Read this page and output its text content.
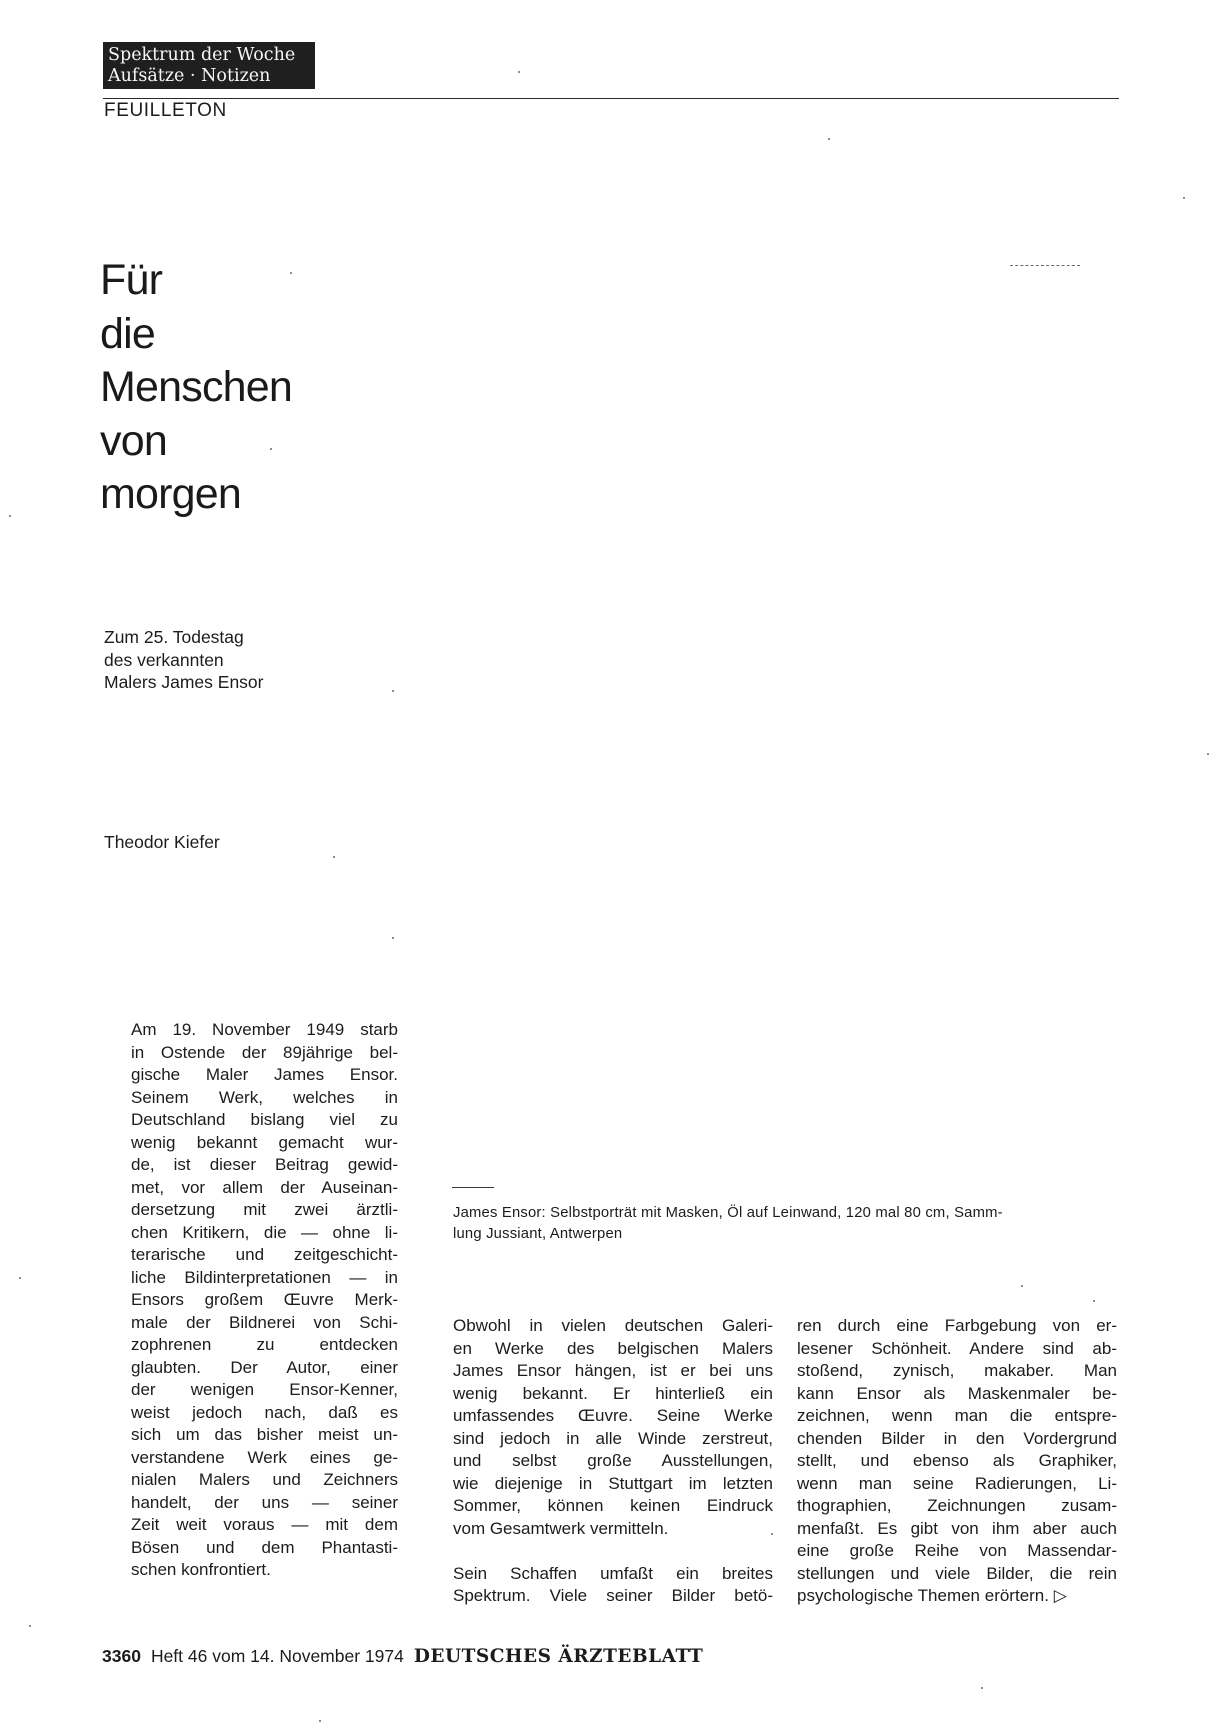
Spektrum der Woche
Aufsätze · Notizen
FEUILLETON
Für
die
Menschen
von
morgen
Zum 25. Todestag
des verkannten
Malers James Ensor
Theodor Kiefer
Am 19. November 1949 starb
in Ostende der 89jährige bel-
gische Maler James Ensor.
Seinem Werk, welches in
Deutschland bislang viel zu
wenig bekannt gemacht wur-
de, ist dieser Beitrag gewid-
met, vor allem der Auseinan-
dersetzung mit zwei ärztli-
chen Kritikern, die — ohne li-
terarische und zeitgeschicht-
liche Bildinterpretationen — in
Ensors großem Œuvre Merk-
male der Bildnerei von Schi-
zophrenen zu entdecken
glaubten. Der Autor, einer
der wenigen Ensor-Kenner,
weist jedoch nach, daß es
sich um das bisher meist un-
verstandene Werk eines ge-
nialen Malers und Zeichners
handelt, der uns — seiner
Zeit weit voraus — mit dem
Bösen und dem Phantasti-
schen konfrontiert.
James Ensor: Selbstporträt mit Masken, Öl auf Leinwand, 120 mal 80 cm, Samm-
lung Jussiant, Antwerpen
Obwohl in vielen deutschen Galeri-
en Werke des belgischen Malers
James Ensor hängen, ist er bei uns
wenig bekannt. Er hinterließ ein
umfassendes Œuvre. Seine Werke
sind jedoch in alle Winde zerstreut,
und selbst große Ausstellungen,
wie diejenige in Stuttgart im letzten
Sommer, können keinen Eindruck
vom Gesamtwerk vermitteln.
Sein Schaffen umfaßt ein breites
Spektrum. Viele seiner Bilder betö-
ren durch eine Farbgebung von er-
lesener Schönheit. Andere sind ab-
stoßend, zynisch, makaber. Man
kann Ensor als Maskenmaler be-
zeichnen, wenn man die entspre-
chenden Bilder in den Vordergrund
stellt, und ebenso als Graphiker,
wenn man seine Radierungen, Li-
thographien, Zeichnungen zusam-
menfaßt. Es gibt von ihm aber auch
eine große Reihe von Massendar-
stellungen und viele Bilder, die rein
psychologische Themen erörtern. ▷
3360 Heft 46 vom 14. November 1974 DEUTSCHES ÄRZTEBLATT
